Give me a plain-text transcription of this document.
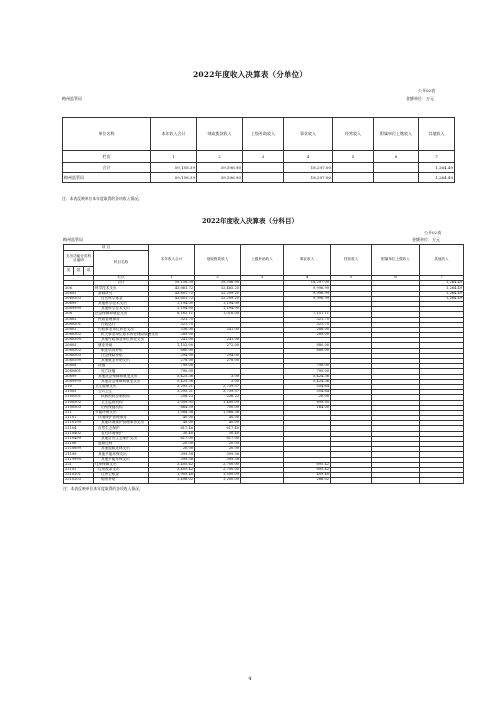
2022年度收入决算表（分单位）
公开02表
梅州监管局	金额单位：万元
单位名称	本年收入合计	财政拨款收入	上级补助收入	事业收入	经营收入	附属单位上缴收入	其他收入
栏次	1	2	3	4	5	6	7
合计	59,158.39	39,596.90		18,297.00			1,264.49
梅州监管局	59,158.39	39,596.90		18,297.00			1,264.49
注：本表反映单位本年度取得的各项收入情况。
2022年度收入决算表（分科目）
公开02表
梅州监管局	金额单位：万元
项 目				本年收入合计	财政拨款收入	上级补助收入	事业收入	经营收入	附属单位上缴收入	其他收入
支出功能分类科目编码			科目名称							
类	款	项								
			栏次	1	2	3	4	5	6	7
			合计	59,158.39	39,596.90		18,297.00			1,264.49
206			科学技术支出	43,861.72	32,465.25		9,996.99			1,264.49
20602			基础研究	43,601.72	32,209.25		9,996.99			1,264.49
2060203			自然科学基金	43,601.72	32,209.25		9,996.99			1,264.49
20699			其他科学技术支出	1,194.00	1,194.00					
2069999			其他科学技术支出	1,194.00	1,194.00					
208			社会保障和就业支出	8,163.11	1,016.00		7,151.11			
20802			民政管理事务	321.75			321.75			
2080201			行政运行	321.75			321.75			
20803			行政事业单位养老支出	536.00	241.00		288.00			
2080302			机关事业单位基本养老保险缴费支出	289.00			289.00			
2080399			其他行政事业单位养老支出	241.00	241.00					
20805			就业补助	1,152.00	272.00		880.00			
2080502			职业培训补贴	880.00			880.00			
2080503			社会保险补贴	294.00	294.00					
2080599			其他就业补助支出	278.00	278.00					
20808			抚恤	790.00			790.00			
2080801			死亡抚恤	790.00			790.00			
20899			其他社会保障和就业支出	5,425.36	3.00		5,424.36			
2089999			其他社会保障和就业支出	5,425.36	3.00		5,424.36			
210			卫生健康支出	3,295.21	2,739.57		554.64			
21005			公共卫生	3,295.21	2,739.57		554.64			
2100501			疾病预防控制机构	256.23	236.23		20.00			
2100502			卫生监督机构	2,099.95	1,400.00		699.95			
2100503			妇幼保健机构	864.39	700.00		164.00			
211			节能环保支出	1,088.38	1,088.38					
21101			环境保护管理事务	40.00	40.00					
2110199			其他环境保护管理事务支出	40.00	40.00					
21104			自然生态保护	617.40	617.40					
2110402			农村环境保护	30.40	30.40					
2110499			其他自然生态保护支出	617.00	617.00					
21106			退耕还林	20.00	20.00					
2110699			其他退耕还林支出	20.00	20.00					
21199			其他节能环保支出	399.58	399.58					
2119999			其他节能环保支出	399.58	399.58					
221			住房保障支出	3,405.42	2,700.00		695.42			
22102			住房改革支出	3,405.42	2,700.00		695.42			
2210201			住房公积金	1,909.40	1,500.00		409.40			
2210203			购房补贴	1,496.02	1,200.00		286.02			
注：本表反映单位本年度取得的各项收入情况。
4
